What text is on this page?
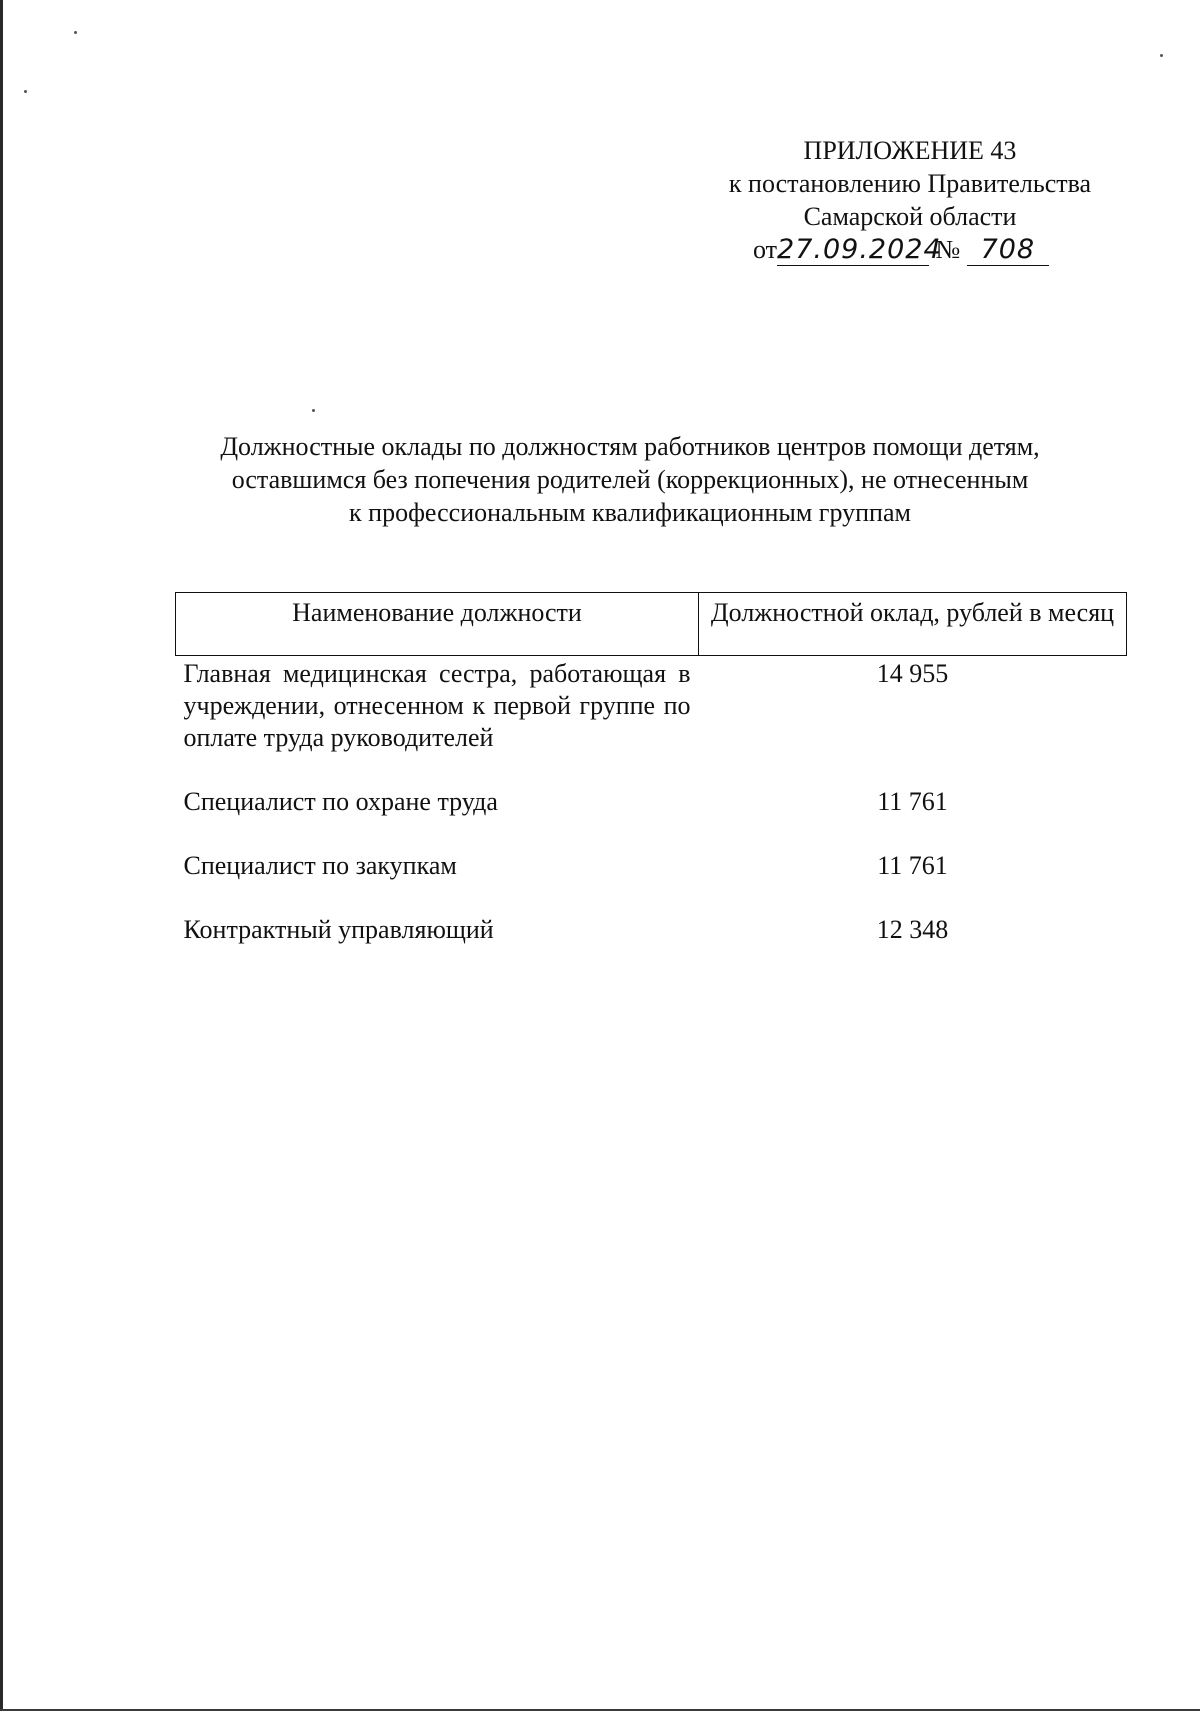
ПРИЛОЖЕНИЕ 43
к постановлению Правительства
Самарской области
от27.09.2024 № 708
Должностные оклады по должностям работников центров помощи детям,
оставшимся без попечения родителей (коррекционных), не отнесенным
к профессиональным квалификационным группам
Наименование должности	Должностной оклад, рублей в месяц
Главная медицинская сестра, работающая в учреждении, отнесенном к первой группе по оплате труда руководителей	14 955
Специалист по охране труда	11 761
Специалист по закупкам	11 761
Контрактный управляющий	12 348
